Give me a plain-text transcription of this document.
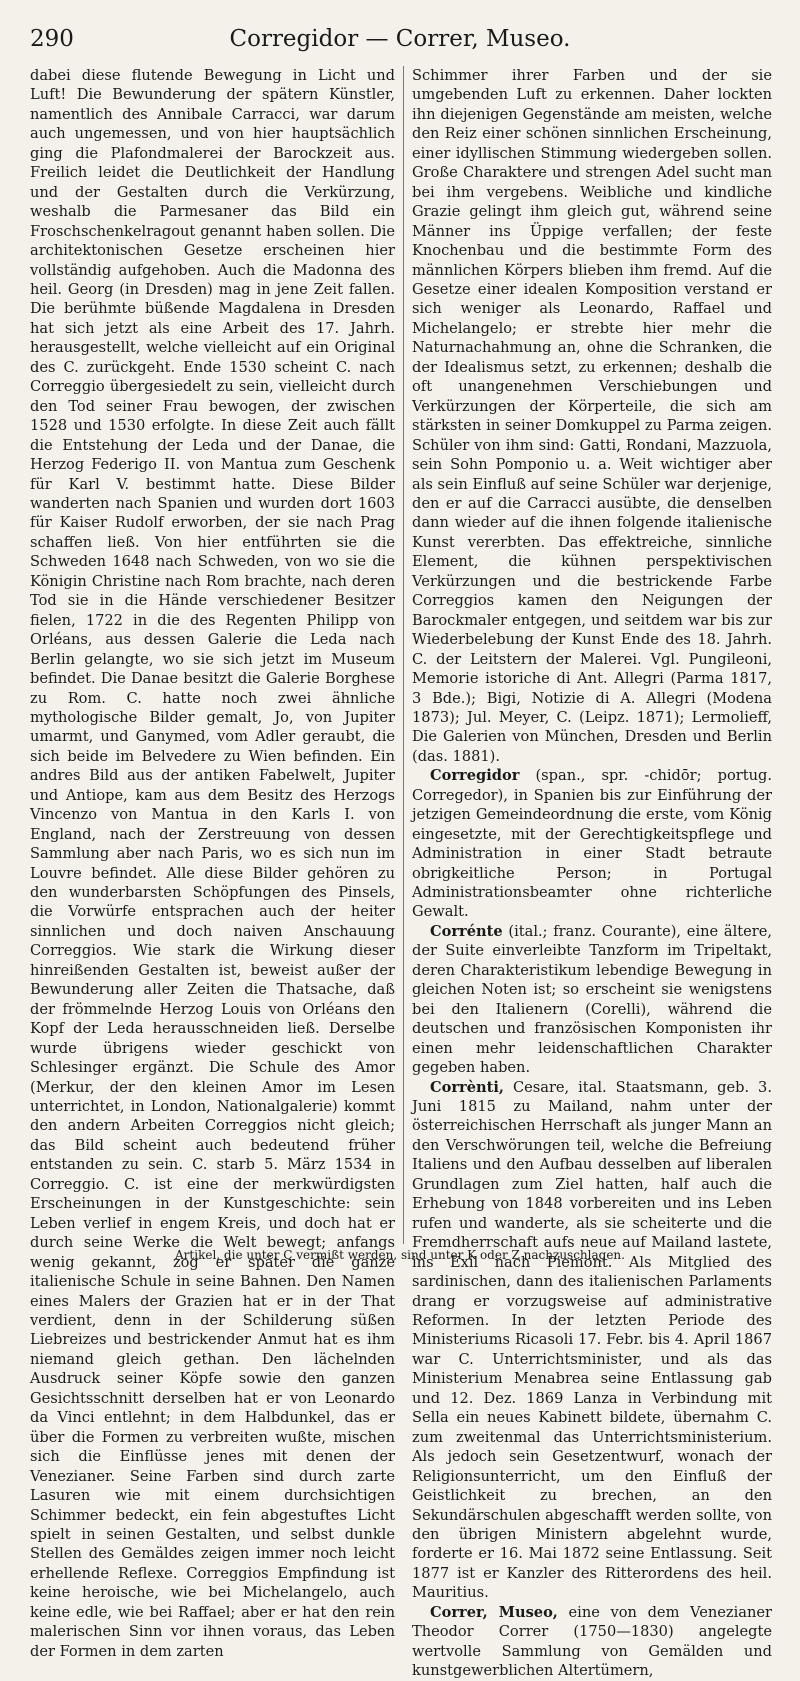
290	Corregidor — Correr, Museo.

dabei diese flutende Bewegung in Licht und Luft! Die Bewunderung der spätern Künstler, namentlich des Annibale Carracci, war darum auch ungemessen, und von hier hauptsächlich ging die Plafondmalerei der Barockzeit aus. Freilich leidet die Deutlichkeit der Handlung und der Gestalten durch die Verkürzung, weshalb die Parmesaner das Bild ein Froschschenkelragout genannt haben sollen. Die architektonischen Gesetze erscheinen hier vollständig aufgehoben. Auch die Madonna des heil. Georg (in Dresden) mag in jene Zeit fallen. Die berühmte büßende Magdalena in Dresden hat sich jetzt als eine Arbeit des 17. Jahrh. herausgestellt, welche vielleicht auf ein Original des C. zurückgeht. Ende 1530 scheint C. nach Correggio übergesiedelt zu sein, vielleicht durch den Tod seiner Frau bewogen, der zwischen 1528 und 1530 erfolgte. In diese Zeit auch fällt die Entstehung der Leda und der Danae, die Herzog Federigo II. von Mantua zum Geschenk für Karl V. bestimmt hatte. Diese Bilder wanderten nach Spanien und wurden dort 1603 für Kaiser Rudolf erworben, der sie nach Prag schaffen ließ. Von hier entführten sie die Schweden 1648 nach Schweden, von wo sie die Königin Christine nach Rom brachte, nach deren Tod sie in die Hände verschiedener Besitzer fielen, 1722 in die des Regenten Philipp von Orléans, aus dessen Galerie die Leda nach Berlin gelangte, wo sie sich jetzt im Museum befindet. Die Danae besitzt die Galerie Borghese zu Rom. C. hatte noch zwei ähnliche mythologische Bilder gemalt, Jo, von Jupiter umarmt, und Ganymed, vom Adler geraubt, die sich beide im Belvedere zu Wien befinden. Ein andres Bild aus der antiken Fabelwelt, Jupiter und Antiope, kam aus dem Besitz des Herzogs Vincenzo von Mantua in den Karls I. von England, nach der Zerstreuung von dessen Sammlung aber nach Paris, wo es sich nun im Louvre befindet. Alle diese Bilder gehören zu den wunderbarsten Schöpfungen des Pinsels, die Vorwürfe entsprachen auch der heiter sinnlichen und doch naiven Anschauung Correggios. Wie stark die Wirkung dieser hinreißenden Gestalten ist, beweist außer der Bewunderung aller Zeiten die Thatsache, daß der frömmelnde Herzog Louis von Orléans den Kopf der Leda herausschneiden ließ. Derselbe wurde übrigens wieder geschickt von Schlesinger ergänzt. Die Schule des Amor (Merkur, der den kleinen Amor im Lesen unterrichtet, in London, Nationalgalerie) kommt den andern Arbeiten Correggios nicht gleich; das Bild scheint auch bedeutend früher entstanden zu sein. C. starb 5. März 1534 in Correggio. C. ist eine der merkwürdigsten Erscheinungen in der Kunstgeschichte: sein Leben verlief in engem Kreis, und doch hat er durch seine Werke die Welt bewegt; anfangs wenig gekannt, zog er später die ganze italienische Schule in seine Bahnen. Den Namen eines Malers der Grazien hat er in der That verdient, denn in der Schilderung süßen Liebreizes und bestrickender Anmut hat es ihm niemand gleich gethan. Den lächelnden Ausdruck seiner Köpfe sowie den ganzen Gesichtsschnitt derselben hat er von Leonardo da Vinci entlehnt; in dem Halbdunkel, das er über die Formen zu verbreiten wußte, mischen sich die Einflüsse jenes mit denen der Venezianer. Seine Farben sind durch zarte Lasuren wie mit einem durchsichtigen Schimmer bedeckt, ein fein abgestuftes Licht spielt in seinen Gestalten, und selbst dunkle Stellen des Gemäldes zeigen immer noch leicht erhellende Reflexe. Correggios Empfindung ist keine heroische, wie bei Michelangelo, auch keine edle, wie bei Raffael; aber er hat den rein malerischen Sinn vor ihnen voraus, das Leben der Formen in dem zarten

Schimmer ihrer Farben und der sie umgebenden Luft zu erkennen. Daher lockten ihn diejenigen Gegenstände am meisten, welche den Reiz einer schönen sinnlichen Erscheinung, einer idyllischen Stimmung wiedergeben sollen. Große Charaktere und strengen Adel sucht man bei ihm vergebens. Weibliche und kindliche Grazie gelingt ihm gleich gut, während seine Männer ins Üppige verfallen; der feste Knochenbau und die bestimmte Form des männlichen Körpers blieben ihm fremd. Auf die Gesetze einer idealen Komposition verstand er sich weniger als Leonardo, Raffael und Michelangelo; er strebte hier mehr die Naturnachahmung an, ohne die Schranken, die der Idealismus setzt, zu erkennen; deshalb die oft unangenehmen Verschiebungen und Verkürzungen der Körperteile, die sich am stärksten in seiner Domkuppel zu Parma zeigen. Schüler von ihm sind: Gatti, Rondani, Mazzuola, sein Sohn Pomponio u. a. Weit wichtiger aber als sein Einfluß auf seine Schüler war derjenige, den er auf die Carracci ausübte, die denselben dann wieder auf die ihnen folgende italienische Kunst vererbten. Das effektreiche, sinnliche Element, die kühnen perspektivischen Verkürzungen und die bestrickende Farbe Correggios kamen den Neigungen der Barockmaler entgegen, und seitdem war bis zur Wiederbelebung der Kunst Ende des 18. Jahrh. C. der Leitstern der Malerei. Vgl. Pungileoni, Memorie istoriche di Ant. Allegri (Parma 1817, 3 Bde.); Bigi, Notizie di A. Allegri (Modena 1873); Jul. Meyer, C. (Leipz. 1871); Lermolieff, Die Galerien von München, Dresden und Berlin (das. 1881).

Corregidor (span., spr. -chidōr; portug. Corregedor), in Spanien bis zur Einführung der jetzigen Gemeindeordnung die erste, vom König eingesetzte, mit der Gerechtigkeitspflege und Administration in einer Stadt betraute obrigkeitliche Person; in Portugal Administrationsbeamter ohne richterliche Gewalt.

Corrénte (ital.; franz. Courante), eine ältere, der Suite einverleibte Tanzform im Tripeltakt, deren Charakteristikum lebendige Bewegung in gleichen Noten ist; so erscheint sie wenigstens bei den Italienern (Corelli), während die deutschen und französischen Komponisten ihr einen mehr leidenschaftlichen Charakter gegeben haben.

Corrènti, Cesare, ital. Staatsmann, geb. 3. Juni 1815 zu Mailand, nahm unter der österreichischen Herrschaft als junger Mann an den Verschwörungen teil, welche die Befreiung Italiens und den Aufbau desselben auf liberalen Grundlagen zum Ziel hatten, half auch die Erhebung von 1848 vorbereiten und ins Leben rufen und wanderte, als sie scheiterte und die Fremdherrschaft aufs neue auf Mailand lastete, ins Exil nach Piemont. Als Mitglied des sardinischen, dann des italienischen Parlaments drang er vorzugsweise auf administrative Reformen. In der letzten Periode des Ministeriums Ricasoli 17. Febr. bis 4. April 1867 war C. Unterrichtsminister, und als das Ministerium Menabrea seine Entlassung gab und 12. Dez. 1869 Lanza in Verbindung mit Sella ein neues Kabinett bildete, übernahm C. zum zweitenmal das Unterrichtsministerium. Als jedoch sein Gesetzentwurf, wonach der Religionsunterricht, um den Einfluß der Geistlichkeit zu brechen, an den Sekundärschulen abgeschafft werden sollte, von den übrigen Ministern abgelehnt wurde, forderte er 16. Mai 1872 seine Entlassung. Seit 1877 ist er Kanzler des Ritterordens des heil. Mauritius.

Correr, Museo, eine von dem Venezianer Theodor Correr (1750—1830) angelegte wertvolle Sammlung von Gemälden und kunstgewerblichen Altertümern,

Artikel, die unter C vermißt werden, sind unter K oder Z nachzuschlagen.
